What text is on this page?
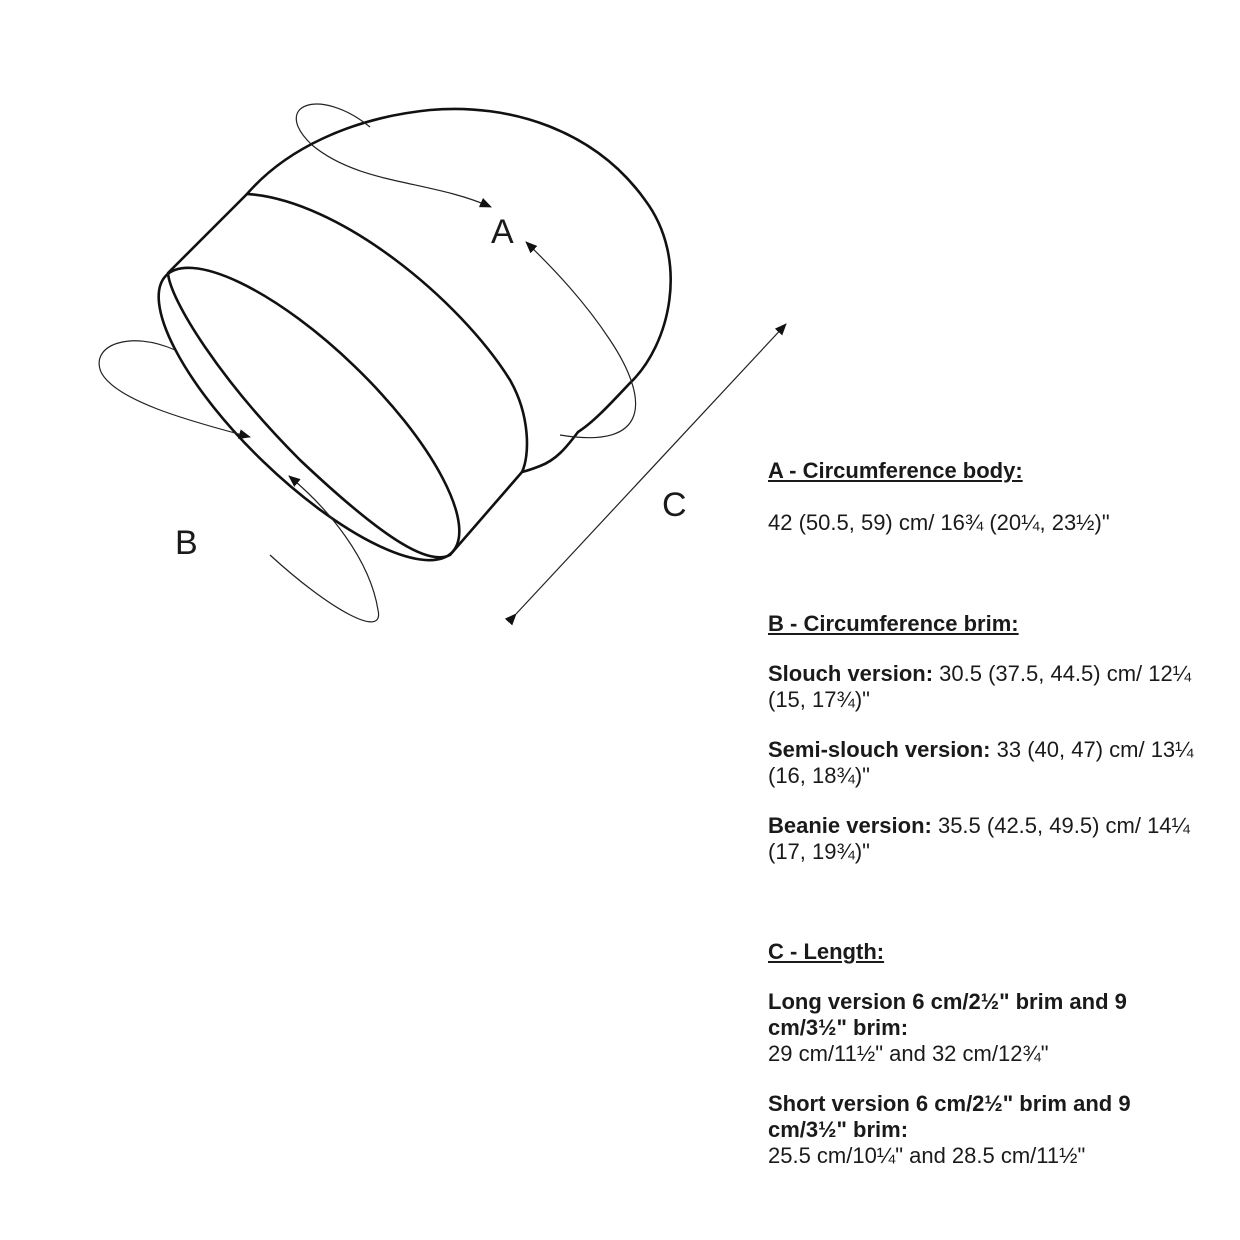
A
B
C

A - Circumference body:

42 (50.5, 59) cm/ 16¾ (20¼, 23½)"

B - Circumference brim:

Slouch version: 30.5 (37.5, 44.5) cm/ 12¼ (15, 17¾)"

Semi-slouch version: 33 (40, 47) cm/ 13¼ (16, 18¾)"

Beanie version: 35.5 (42.5, 49.5) cm/ 14¼ (17, 19¾)"

C - Length:

Long version 6 cm/2½" brim and 9 cm/3½" brim:
29 cm/11½" and 32 cm/12¾"

Short version 6 cm/2½" brim and 9 cm/3½" brim:
25.5 cm/10¼" and 28.5 cm/11½"
